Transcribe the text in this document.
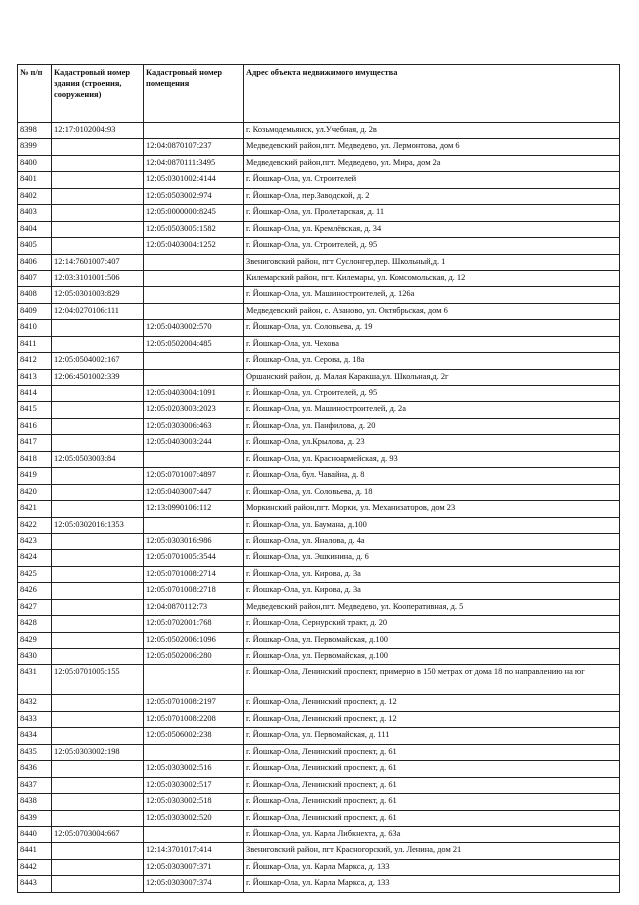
№ п/п	Кадастровый номер здания (строения, сооружения)	Кадастровый номер помещения	Адрес объекта недвижимого имущества
8398	12:17:0102004:93		г. Козьмодемьянск, ул.Учебная, д. 2в
8399		12:04:0870107:237	Медведевский район,пгт. Медведево, ул. Лермонтова, дом 6
8400		12:04:0870111:3495	Медведевский район,пгт. Медведево, ул. Мира, дом 2а
8401		12:05:0301002:4144	г. Йошкар-Ола, ул. Строителей
8402		12:05:0503002:974	г. Йошкар-Ола, пер.Заводской, д. 2
8403		12:05:0000000:8245	г. Йошкар-Ола, ул. Пролетарская, д. 11
8404		12:05:0503005:1582	г. Йошкар-Ола, ул. Кремлёвская, д. 34
8405		12:05:0403004:1252	г. Йошкар-Ола, ул. Строителей, д. 95
8406	12:14:7601007:407		Звениговский район, пгт Суслонгер,пер. Школьный,д. 1
8407	12:03:3101001:506		Килемарский район, пгт. Килемары, ул. Комсомольская, д. 12
8408	12:05:0301003:829		г. Йошкар-Ола, ул. Машиностроителей, д. 126а
8409	12:04:0270106:111		Медведевский район, с. Азаново, ул. Октябрьская, дом 6
8410		12:05:0403002:570	г. Йошкар-Ола, ул. Соловьева, д. 19
8411		12:05:0502004:485	г. Йошкар-Ола, ул. Чехова
8412	12:05:0504002:167		г. Йошкар-Ола, ул. Серова, д. 18а
8413	12:06:4501002:339		Оршанский район, д. Малая Каракша,ул. Школьная,д. 2г
8414		12:05:0403004:1091	г. Йошкар-Ола, ул. Строителей, д. 95
8415		12:05:0203003:2023	г. Йошкар-Ола, ул. Машиностроителей, д. 2а
8416		12:05:0303006:463	г. Йошкар-Ола, ул. Панфилова, д. 20
8417		12:05:0403003:244	г. Йошкар-Ола, ул.Крылова, д. 23
8418	12:05:0503003:84		г. Йошкар-Ола, ул. Красноармейская, д. 93
8419		12:05:0701007:4897	г. Йошкар-Ола, бул. Чавайна, д. 8
8420		12:05:0403007:447	г. Йошкар-Ола, ул. Соловьева, д. 18
8421		12:13:0990106:112	Моркинский район,пгт. Морки, ул. Механизаторов, дом 23
8422	12:05:0302016:1353		г. Йошкар-Ола, ул. Баумана, д.100
8423		12:05:0303016:986	г. Йошкар-Ола, ул. Яналова, д. 4а
8424		12:05:0701005:3544	г. Йошкар-Ола, ул. Эшкинина, д. 6
8425		12:05:0701008:2714	г. Йошкар-Ола, ул. Кирова, д. 3а
8426		12:05:0701008:2718	г. Йошкар-Ола, ул. Кирова, д. 3а
8427		12:04:0870112:73	Медведевский район,пгт. Медведево, ул. Кооперативная, д. 5
8428		12:05:0702001:768	г. Йошкар-Ола, Сернурский тракт, д. 20
8429		12:05:0502006:1096	г. Йошкар-Ола, ул. Первомайская, д.100
8430		12:05:0502006:280	г. Йошкар-Ола, ул. Первомайская, д.100
8431	12:05:0701005:155		г. Йошкар-Ола, Ленинский проспект, примерно в 150 метрах от дома 18 по направлению на юг
8432		12:05:0701008:2197	г. Йошкар-Ола, Ленинский проспект, д. 12
8433		12:05:0701008:2208	г. Йошкар-Ола, Ленинский проспект, д. 12
8434		12:05:0506002:238	г. Йошкар-Ола, ул. Первомайская, д. 111
8435	12:05:0303002:198		г. Йошкар-Ола, Ленинский проспект, д. 61
8436		12:05:0303002:516	г. Йошкар-Ола, Ленинский проспект, д. 61
8437		12:05:0303002:517	г. Йошкар-Ола, Ленинский проспект, д. 61
8438		12:05:0303002:518	г. Йошкар-Ола, Ленинский проспект, д. 61
8439		12:05:0303002:520	г. Йошкар-Ола, Ленинский проспект, д. 61
8440	12:05:0703004:667		г. Йошкар-Ола, ул. Карла Либкнехта, д. 63а
8441		12:14:3701017:414	Звениговский район, пгт Красногорский, ул. Ленина, дом 21
8442		12:05:0303007:371	г. Йошкар-Ола, ул. Карла Маркса, д. 133
8443		12:05:0303007:374	г. Йошкар-Ола, ул. Карла Маркса, д. 133
